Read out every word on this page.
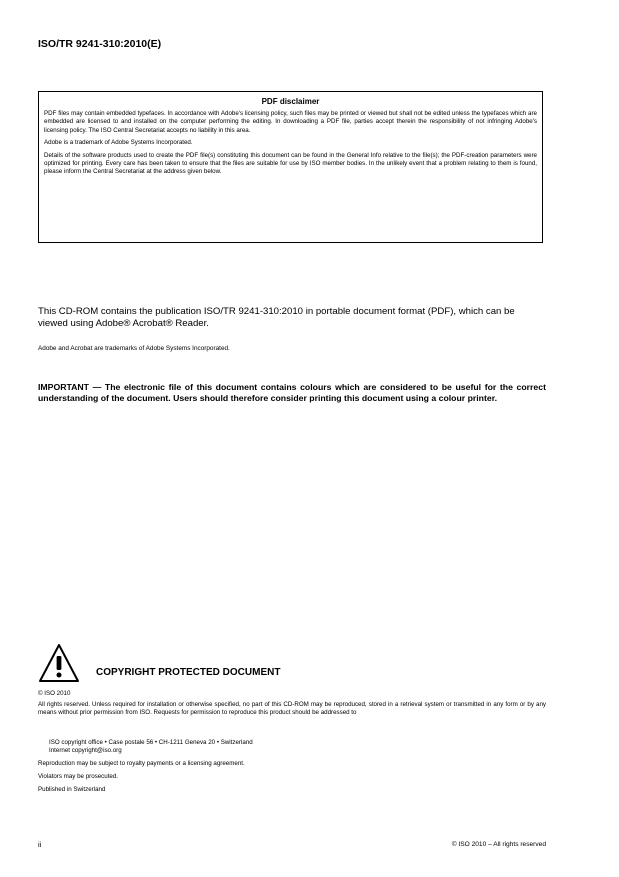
ISO/TR 9241-310:2010(E)
PDF disclaimer

PDF files may contain embedded typefaces. In accordance with Adobe's licensing policy, such files may be printed or viewed but shall not be edited unless the typefaces which are embedded are licensed to and installed on the computer performing the editing. In downloading a PDF file, parties accept therein the responsibility of not infringing Adobe's licensing policy. The ISO Central Secretariat accepts no liability in this area.

Adobe is a trademark of Adobe Systems Incorporated.

Details of the software products used to create the PDF file(s) constituting this document can be found in the General Info relative to the file(s); the PDF-creation parameters were optimized for printing. Every care has been taken to ensure that the files are suitable for use by ISO member bodies. In the unlikely event that a problem relating to them is found, please inform the Central Secretariat at the address given below.

This CD-ROM contains the publication ISO/TR 9241-310:2010 in portable document format (PDF), which can be viewed using Adobe® Acrobat® Reader.
Adobe and Acrobat are trademarks of Adobe Systems Incorporated.
IMPORTANT — The electronic file of this document contains colours which are considered to be useful for the correct understanding of the document. Users should therefore consider printing this document using a colour printer.
COPYRIGHT PROTECTED DOCUMENT
© ISO 2010
All rights reserved. Unless required for installation or otherwise specified, no part of this CD-ROM may be reproduced, stored in a retrieval system or transmitted in any form or by any means without prior permission from ISO. Requests for permission to reproduce this product should be addressed to
ISO copyright office • Case postale 56 • CH-1211 Geneva 20 • Switzerland
Internet copyright@iso.org
Reproduction may be subject to royalty payments or a licensing agreement.
Violators may be prosecuted.
Published in Switzerland
ii	© ISO 2010 – All rights reserved
